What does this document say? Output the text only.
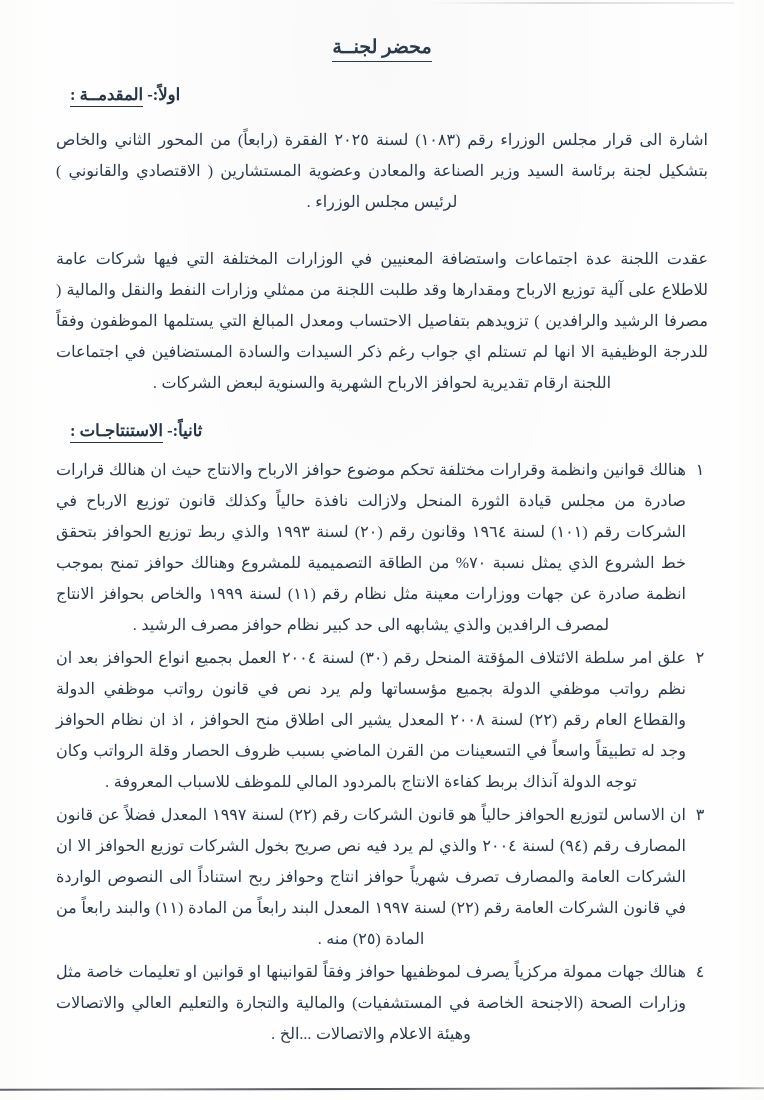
محضر لجنــة
اولاً:- المقدمــة :

اشارة الى قرار مجلس الوزراء رقم (١٠٨٣) لسنة ٢٠٢٥ الفقرة (رابعاً) من المحور الثاني والخاص بتشكيل لجنة برئاسة السيد وزير الصناعة والمعادن وعضوية المستشارين ( الاقتصادي والقانوني ) لرئيس مجلس الوزراء .

عقدت اللجنة عدة اجتماعات واستضافة المعنيين في الوزارات المختلفة التي فيها شركات عامة للاطلاع على آلية توزيع الارباح ومقدارها وقد طلبت اللجنة من ممثلي وزارات النفط والنقل والمالية ( مصرفا الرشيد والرافدين ) تزويدهم بتفاصيل الاحتساب ومعدل المبالغ التي يستلمها الموظفون وفقاً للدرجة الوظيفية الا انها لم تستلم اي جواب رغم ذكر السيدات والسادة المستضافين في اجتماعات اللجنة ارقام تقديرية لحوافز الارباح الشهرية والسنوية لبعض الشركات .

ثانياً:- الاستنتاجـات :
١
هنالك قوانين وانظمة وقرارات مختلفة تحكم موضوع حوافز الارباح والانتاج حيث ان هنالك قرارات صادرة من مجلس قيادة الثورة المنحل ولازالت نافذة حالياً وكذلك قانون توزيع الارباح في الشركات رقم (١٠١) لسنة ١٩٦٤ وقانون رقم (٢٠) لسنة ١٩٩٣ والذي ربط توزيع الحوافز بتحقق خط الشروع الذي يمثل نسبة ٧٠% من الطاقة التصميمية للمشروع وهنالك حوافز تمنح بموجب انظمة صادرة عن جهات ووزارات معينة مثل نظام رقم (١١) لسنة ١٩٩٩ والخاص بحوافز الانتاج لمصرف الرافدين والذي يشابهه الى حد كبير نظام حوافز مصرف الرشيد .
٢
علق امر سلطة الائتلاف المؤقتة المنحل رقم (٣٠) لسنة ٢٠٠٤ العمل بجميع انواع الحوافز بعد ان نظم رواتب موظفي الدولة بجميع مؤسساتها ولم يرد نص في قانون رواتب موظفي الدولة والقطاع العام رقم (٢٢) لسنة ٢٠٠٨ المعدل يشير الى اطلاق منح الحوافز ، اذ ان نظام الحوافز وجد له تطبيقاً واسعاً في التسعينات من القرن الماضي بسبب ظروف الحصار وقلة الرواتب وكان توجه الدولة آنذاك بربط كفاءة الانتاج بالمردود المالي للموظف للاسباب المعروفة .
٣
ان الاساس لتوزيع الحوافز حالياً هو قانون الشركات رقم (٢٢) لسنة ١٩٩٧ المعدل فضلاً عن قانون المصارف رقم (٩٤) لسنة ٢٠٠٤ والذي لم يرد فيه نص صريح بخول الشركات توزيع الحوافز الا ان الشركات العامة والمصارف تصرف شهرياً حوافز انتاج وحوافز ربح استناداً الى النصوص الواردة في قانون الشركات العامة رقم (٢٢) لسنة ١٩٩٧ المعدل البند رابعاً من المادة (١١) والبند رابعاً من المادة (٢٥) منه .
٤
هنالك جهات ممولة مركزياً يصرف لموظفيها حوافز وفقاً لقوانينها او قوانين او تعليمات خاصة مثل وزارات الصحة (الاجنحة الخاصة في المستشفيات) والمالية والتجارة والتعليم العالي والاتصالات وهيئة الاعلام والاتصالات ...الخ .
